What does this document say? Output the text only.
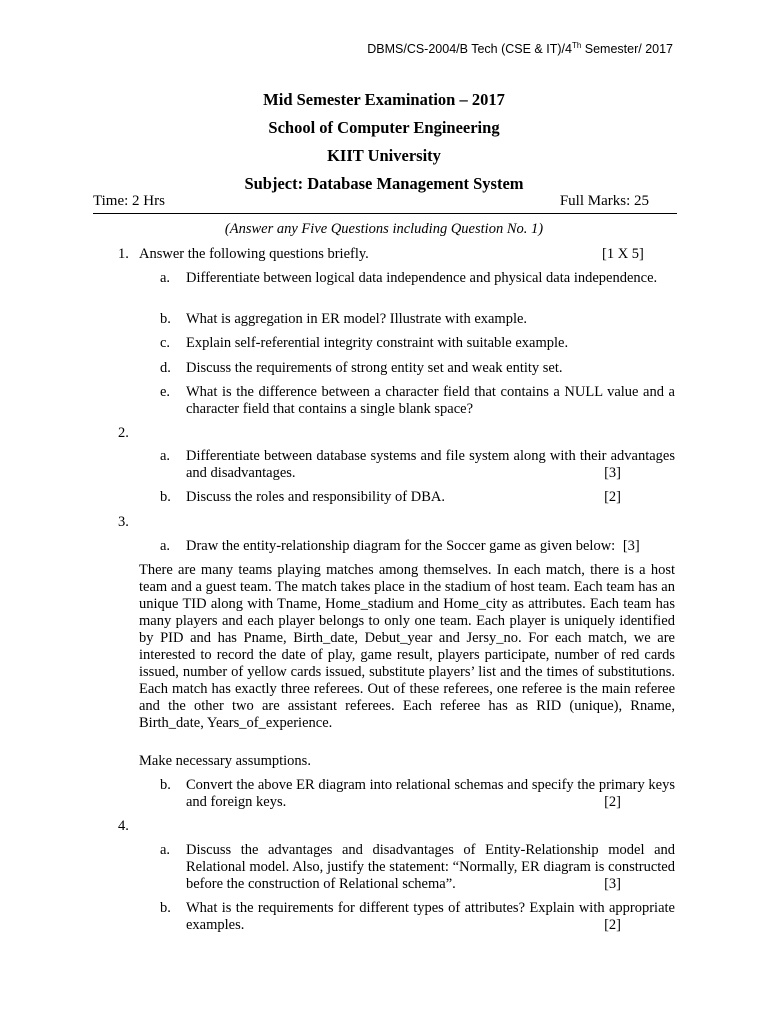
DBMS/CS-2004/B Tech (CSE & IT)/4Th Semester/ 2017
Mid Semester Examination – 2017
School of Computer Engineering
KIIT University
Subject: Database Management System
Time: 2 Hrs	Full Marks: 25
(Answer any Five Questions including Question No. 1)
1. Answer the following questions briefly.	[1 X 5]
a.	Differentiate between logical data independence and physical data independence.
b.	What is aggregation in ER model? Illustrate with example.
c.	Explain self-referential integrity constraint with suitable example.
d.	Discuss the requirements of strong entity set and weak entity set.
e.	What is the difference between a character field that contains a NULL value and a character field that contains a single blank space?
2.
a.	Differentiate between database systems and file system along with their advantages and disadvantages.	[3]
b.	Discuss the roles and responsibility of DBA.	[2]
3.
a.	Draw the entity-relationship diagram for the Soccer game as given below: [3]
There are many teams playing matches among themselves. In each match, there is a host team and a guest team. The match takes place in the stadium of host team. Each team has an unique TID along with Tname, Home_stadium and Home_city as attributes. Each team has many players and each player belongs to only one team. Each player is uniquely identified by PID and has Pname, Birth_date, Debut_year and Jersy_no. For each match, we are interested to record the date of play, game result, players participate, number of red cards issued, number of yellow cards issued, substitute players’ list and the times of substitutions. Each match has exactly three referees. Out of these referees, one referee is the main referee and the other two are assistant referees. Each referee has as RID (unique), Rname, Birth_date, Years_of_experience.
Make necessary assumptions.
b.	Convert the above ER diagram into relational schemas and specify the primary keys and foreign keys.	[2]
4.
a.	Discuss the advantages and disadvantages of Entity-Relationship model and Relational model. Also, justify the statement: “Normally, ER diagram is constructed before the construction of Relational schema”.	[3]
b.	What is the requirements for different types of attributes? Explain with appropriate examples.	[2]
